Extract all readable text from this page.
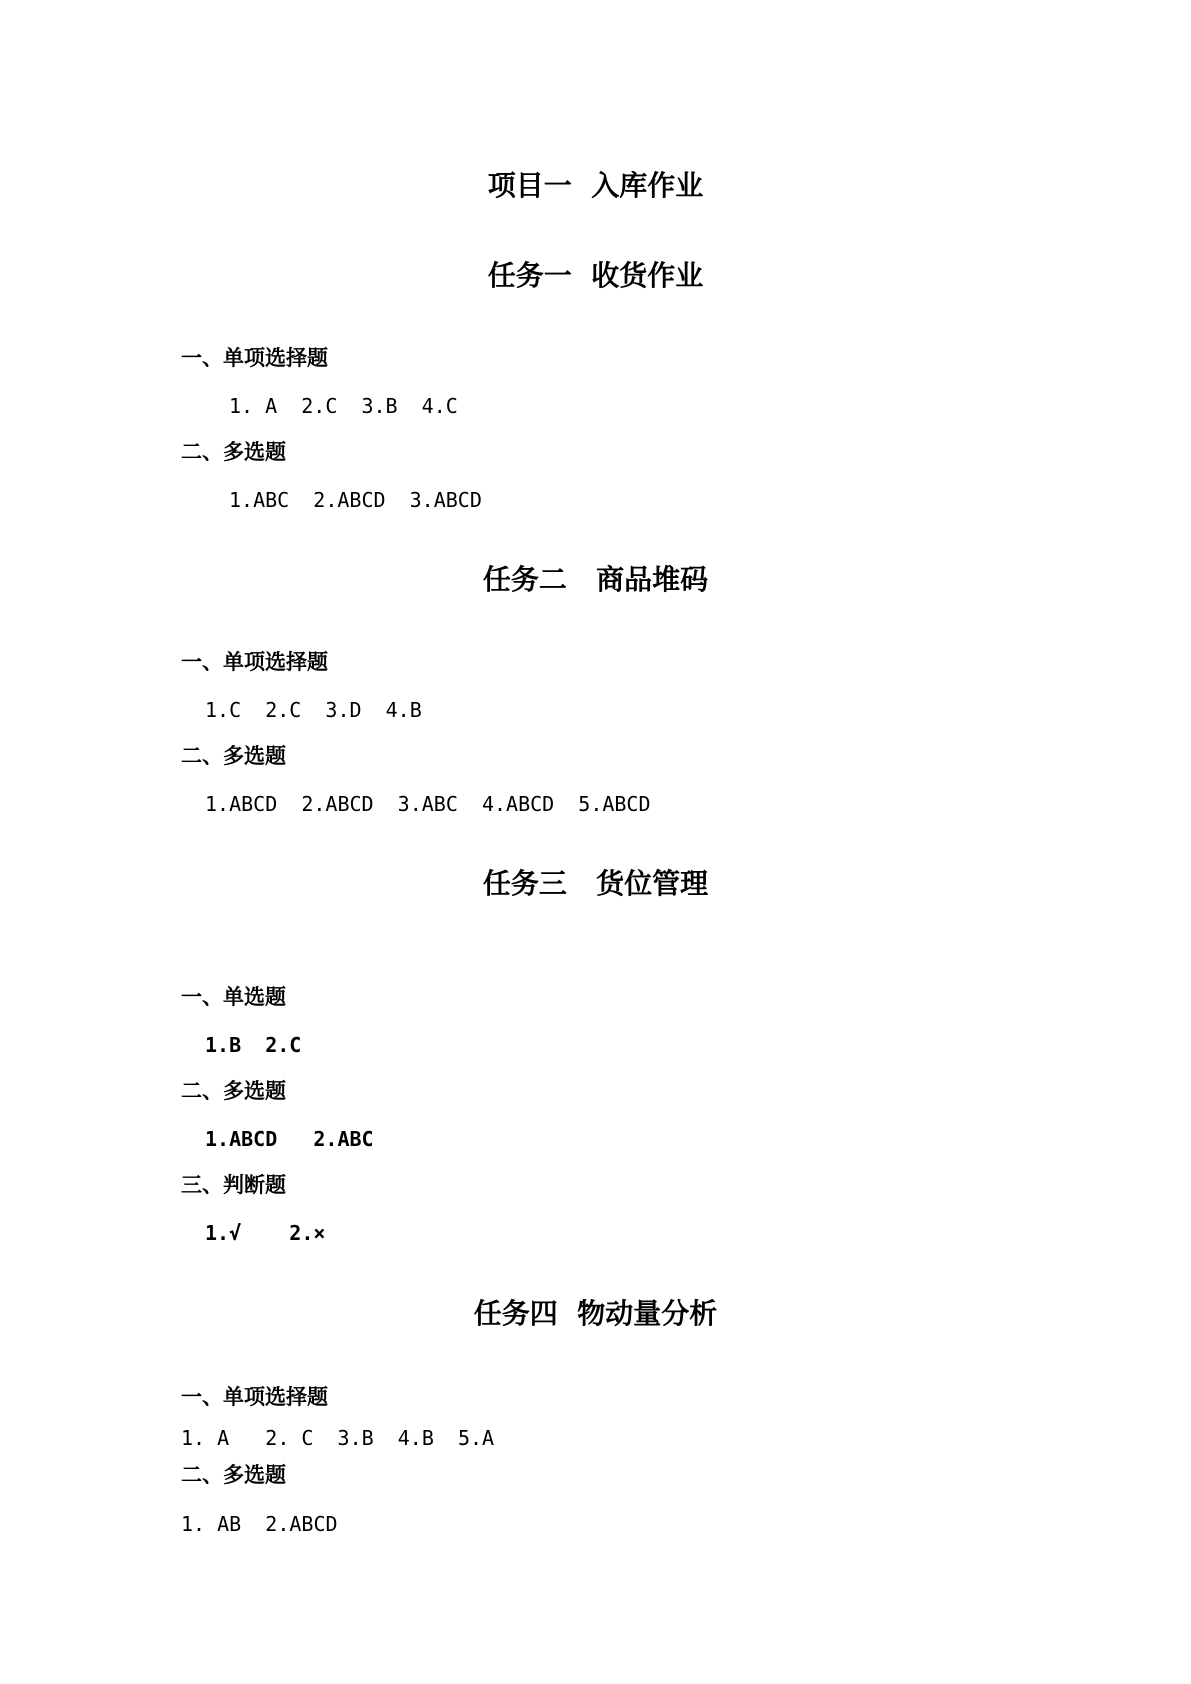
项目一  入库作业
任务一  收货作业
一、单项选择题
1. A  2.C  3.B  4.C
二、多选题
1.ABC  2.ABCD  3.ABCD
任务二   商品堆码
一、单项选择题
1.C  2.C  3.D  4.B
二、多选题
1.ABCD  2.ABCD  3.ABC  4.ABCD  5.ABCD
任务三   货位管理
一、单选题
1.B  2.C
二、多选题
1.ABCD   2.ABC
三、判断题
1.√    2.×
任务四  物动量分析
一、单项选择题
1. A   2. C  3.B  4.B  5.A
二、多选题
1. AB  2.ABCD
